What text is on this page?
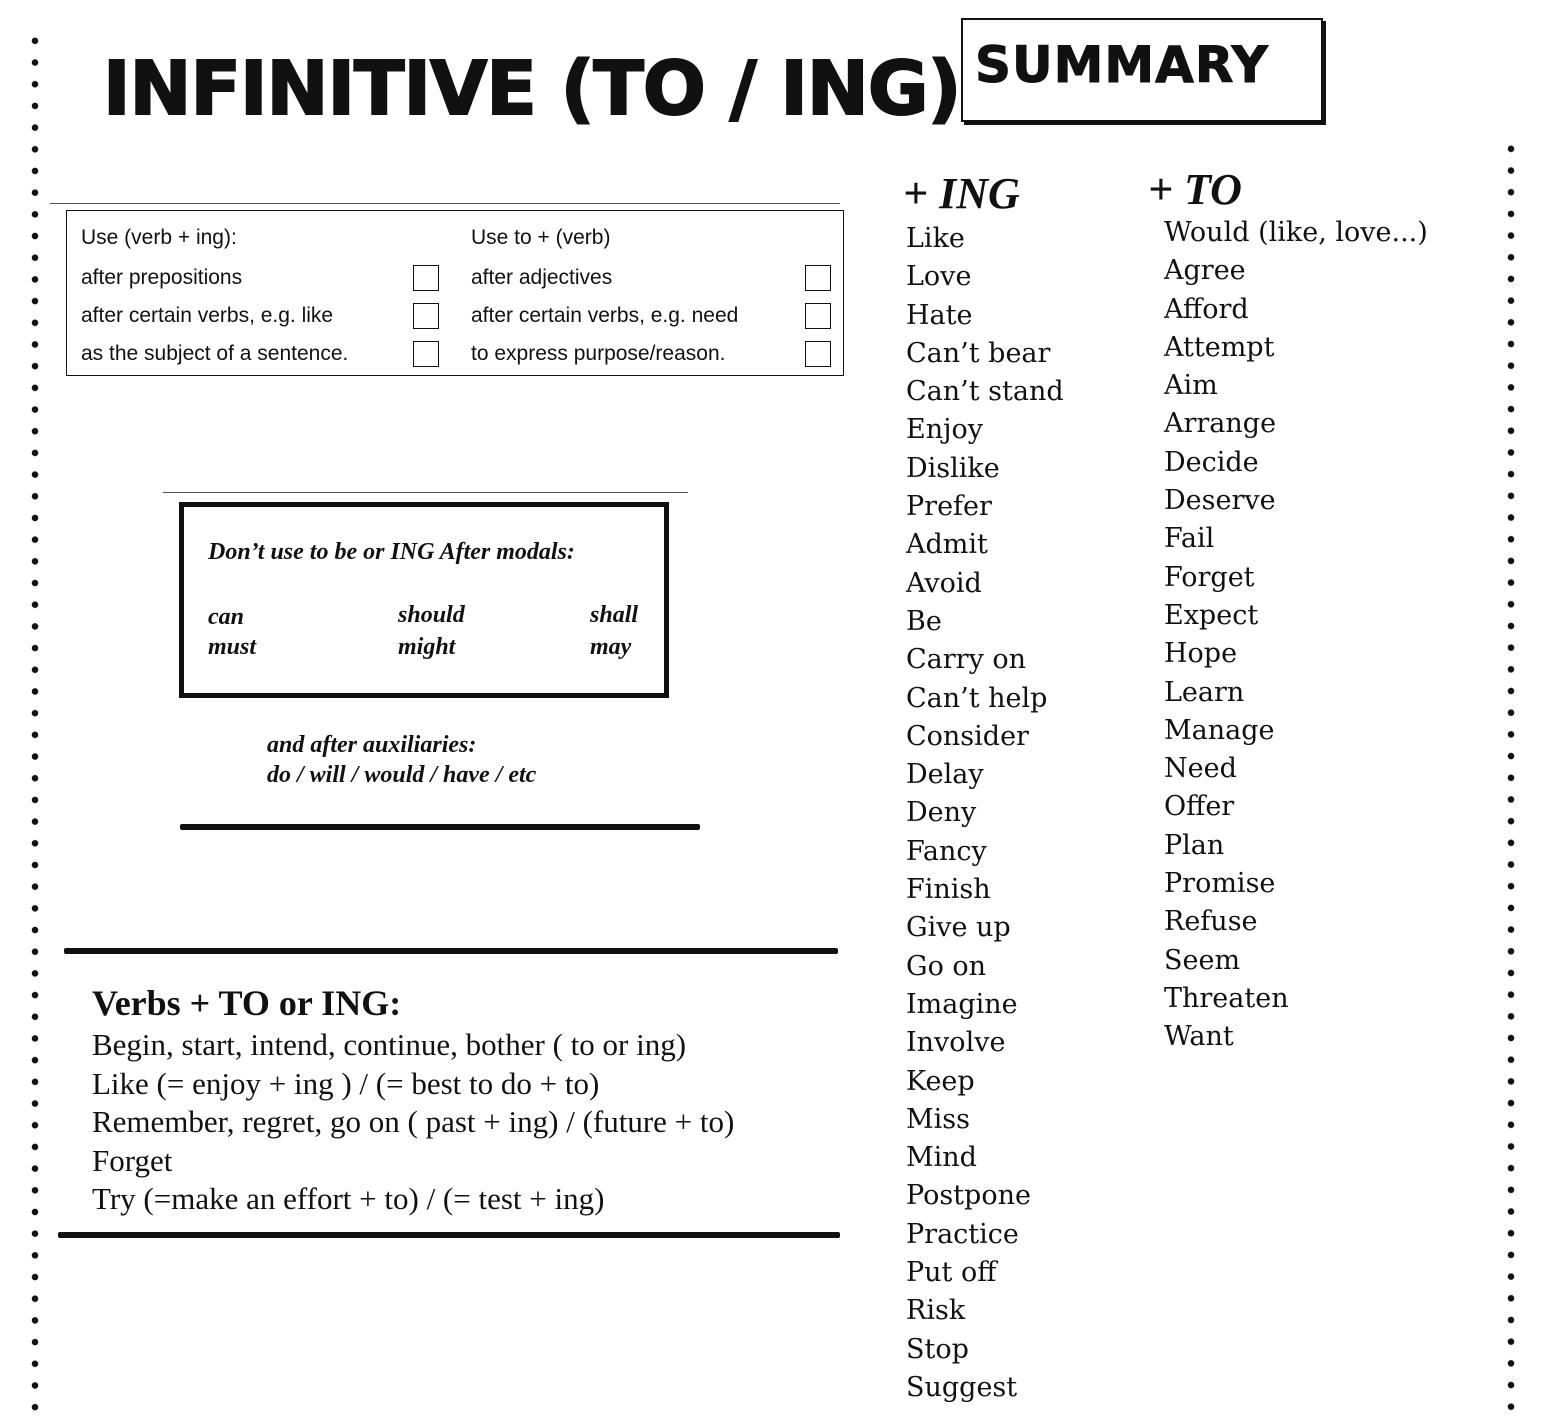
INFINITIVE (TO / ING) SUMMARY
Use (verb + ing):
after prepositions
after certain verbs, e.g. like
as the subject of a sentence.
Use to + (verb)
after adjectives
after certain verbs, e.g. need
to express purpose/reason.
Don’t use to be or ING After modals:
can	should	shall
must	might	may
and after auxiliaries:
do / will / would / have / etc
Verbs + TO or ING:
Begin, start, intend, continue, bother ( to or ing)
Like (= enjoy + ing ) / (= best to do + to)
Remember, regret, go on ( past + ing) / (future + to)
Forget
Try (=make an effort + to) / (= test + ing)
+ ING	+ TO
Like
Love
Hate
Can’t bear
Can’t stand
Enjoy
Dislike
Prefer
Admit
Avoid
Be
Carry on
Can’t help
Consider
Delay
Deny
Fancy
Finish
Give up
Go on
Imagine
Involve
Keep
Miss
Mind
Postpone
Practice
Put off
Risk
Stop
Suggest
Would (like, love...)
Agree
Afford
Attempt
Aim
Arrange
Decide
Deserve
Fail
Forget
Expect
Hope
Learn
Manage
Need
Offer
Plan
Promise
Refuse
Seem
Threaten
Want
